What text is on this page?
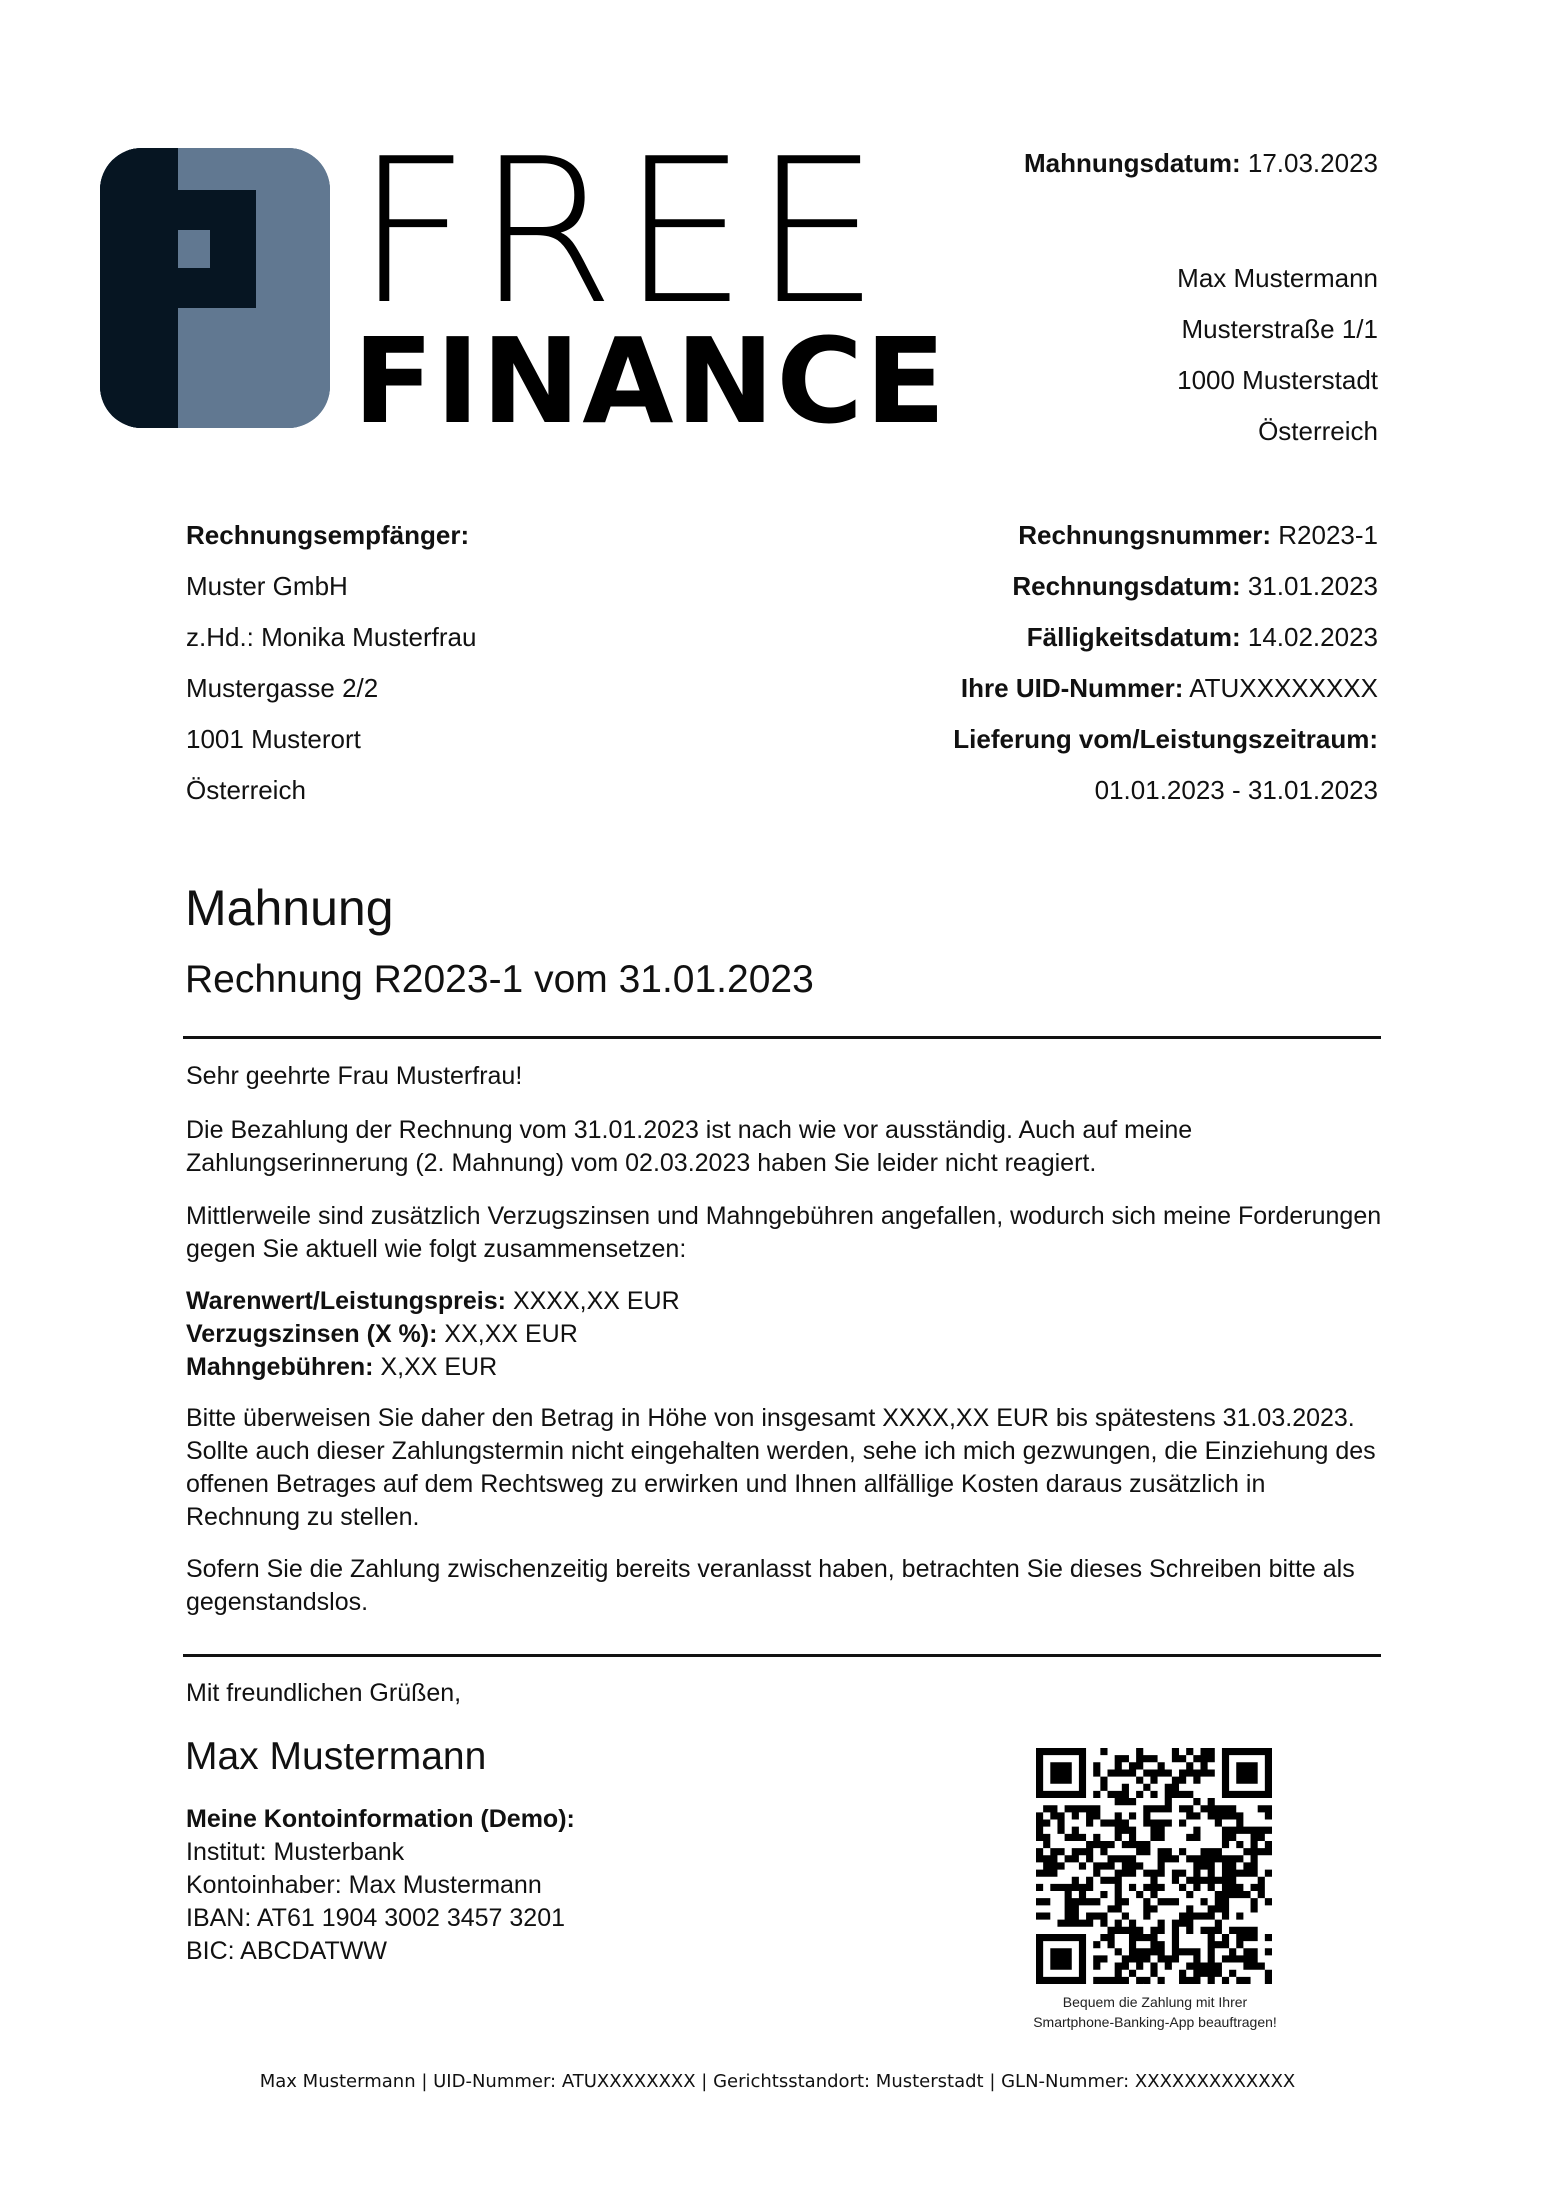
FREE
FINANCE
Mahnungsdatum: 17.03.2023
Max Mustermann
Musterstraße 1/1
1000 Musterstadt
Österreich
Rechnungsempfänger:
Muster GmbH
z.Hd.: Monika Musterfrau
Mustergasse 2/2
1001 Musterort
Österreich
Rechnungsnummer: R2023-1
Rechnungsdatum: 31.01.2023
Fälligkeitsdatum: 14.02.2023
Ihre UID-Nummer: ATUXXXXXXXX
Lieferung vom/Leistungszeitraum:
01.01.2023 - 31.01.2023
Mahnung
Rechnung R2023-1 vom 31.01.2023
Sehr geehrte Frau Musterfrau!
Die Bezahlung der Rechnung vom 31.01.2023 ist nach wie vor ausständig. Auch auf meine Zahlungserinnerung (2. Mahnung) vom 02.03.2023 haben Sie leider nicht reagiert.
Mittlerweile sind zusätzlich Verzugszinsen und Mahngebühren angefallen, wodurch sich meine Forderungen gegen Sie aktuell wie folgt zusammensetzen:
Warenwert/Leistungspreis: XXXX,XX EUR
Verzugszinsen (X %): XX,XX EUR
Mahngebühren: X,XX EUR
Bitte überweisen Sie daher den Betrag in Höhe von insgesamt XXXX,XX EUR bis spätestens 31.03.2023. Sollte auch dieser Zahlungstermin nicht eingehalten werden, sehe ich mich gezwungen, die Einziehung des offenen Betrages auf dem Rechtsweg zu erwirken und Ihnen allfällige Kosten daraus zusätzlich in Rechnung zu stellen.
Sofern Sie die Zahlung zwischenzeitig bereits veranlasst haben, betrachten Sie dieses Schreiben bitte als gegenstandslos.
Mit freundlichen Grüßen,
Max Mustermann
Meine Kontoinformation (Demo):
Institut: Musterbank
Kontoinhaber: Max Mustermann
IBAN: AT61 1904 3002 3457 3201
BIC: ABCDATWW
Bequem die Zahlung mit Ihrer
Smartphone-Banking-App beauftragen!
Max Mustermann | UID-Nummer: ATUXXXXXXXX | Gerichtsstandort: Musterstadt | GLN-Nummer: XXXXXXXXXXXXX
